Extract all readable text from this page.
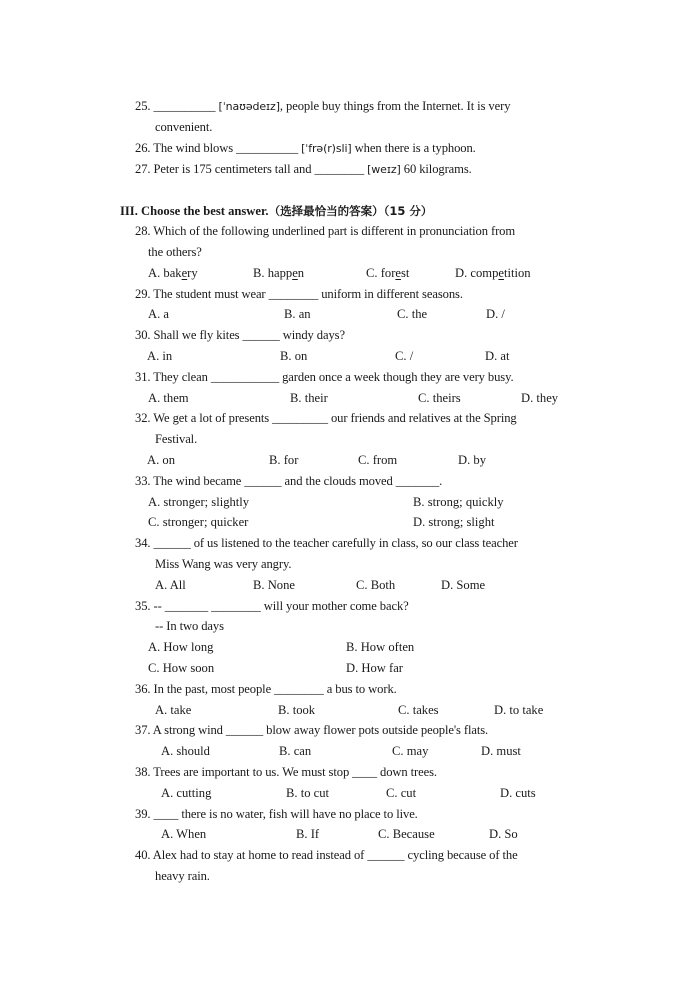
25. __________ [ˈnaʊədeɪz], people buy things from the Internet. It is very
convenient.
26. The wind blows __________ [ˈfrə(r)sli] when there is a typhoon.
27. Peter is 175 centimeters tall and ________ [weɪz] 60 kilograms.
III. Choose the best answer.（选择最恰当的答案）（15 分）
28. Which of the following underlined part is different in pronunciation from
the others?
A. bakery	B. happen	C. forest	D. competition
29. The student must wear ________ uniform in different seasons.
A. a	B. an	C. the	D. /
30. Shall we fly kites ______ windy days?
A. in	B. on	C. /	D. at
31. They clean ___________ garden once a week though they are very busy.
A. them	B. their	C. theirs	D. they
32. We get a lot of presents _________ our friends and relatives at the Spring
Festival.
A. on	B. for	C. from	D. by
33. The wind became ______ and the clouds moved _______.
A. stronger; slightly	B. strong; quickly
C. stronger; quicker	D. strong; slight
34. ______ of us listened to the teacher carefully in class, so our class teacher
Miss Wang was very angry.
A. All	B. None	C. Both	D. Some
35. -- _______ ________ will your mother come back?
-- In two days
A. How long	B. How often
C. How soon	D. How far
36. In the past, most people ________ a bus to work.
A. take	B. took	C. takes	D. to take
37. A strong wind ______ blow away flower pots outside people's flats.
A. should	B. can	C. may	D. must
38. Trees are important to us. We must stop ____ down trees.
A. cutting	B. to cut	C. cut	D. cuts
39. ____ there is no water, fish will have no place to live.
A. When	B. If	C. Because	D. So
40. Alex had to stay at home to read instead of ______ cycling because of the
heavy rain.
